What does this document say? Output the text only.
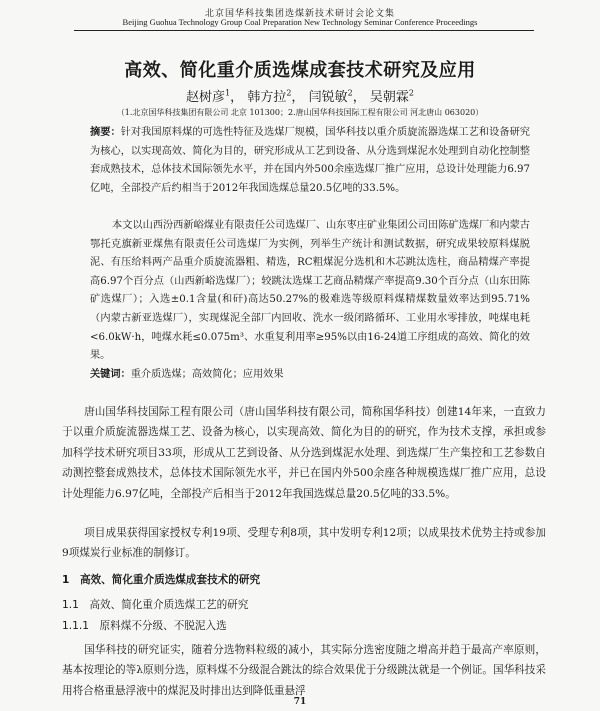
北京国华科技集团选煤新技术研讨会论文集
Beijing Guohua Technology Group Coal Preparation New Technology Seminar Conference Proceedings
高效、简化重介质选煤成套技术研究及应用
赵树彦$^1$， 韩方拉$^2$， 闫锐敏$^2$， 吴朝霖$^2$
（1.北京国华科技集团有限公司 北京 101300；2.唐山国华科技国际工程有限公司 河北唐山 063020）
摘要：针对我国原料煤的可选性特征及选煤厂规模，国华科技以重介质旋流器选煤工艺和设备研究为核心，以实现高效、简化为目的，研究形成从工艺到设备、从分选到煤泥水处理到自动化控制整套成熟技术，总体技术国际领先水平，并在国内外500余座选煤厂推广应用，总设计处理能力6.97亿吨，全部投产后约相当于2012年我国选煤总量20.5亿吨的33.5%。
本文以山西汾西新峪煤业有限责任公司选煤厂、山东枣庄矿业集团公司田陈矿选煤厂和内蒙古鄂托克旗新亚煤焦有限责任公司选煤厂为实例，列举生产统计和测试数据，研究成果较原料煤脱泥、有压给料两产品重介质旋流器粗、精选，RC粗煤泥分选机和木芯跳汰选柱，商品精煤产率提高6.97个百分点（山西新峪选煤厂）；较跳汰选煤工艺商品精煤产率提高9.30个百分点（山东田陈矿选煤厂）；入选±0.1含量(和矸)高达50.27%的极难选等级原料煤精煤数量效率达到95.71%（内蒙古新亚选煤厂），实现煤泥全部厂内回收、洗水一级闭路循环、工业用水零排放，吨煤电耗<6.0kW·h，吨煤水耗≤0.075m³、水重复利用率≥95%以由16-24道工序组成的高效、简化的效果。
关键词：重介质选煤；高效简化；应用效果
唐山国华科技国际工程有限公司（唐山国华科技有限公司，简称国华科技）创建14年来，一直致力于以重介质旋流器选煤工艺、设备为核心，以实现高效、简化为目的的研究，作为技术支撑，承担或参加科学技术研究项目33项，形成从工艺到设备、从分选到煤泥水处理、到选煤厂生产集控和工艺参数自动测控整套成熟技术，总体技术国际领先水平，并已在国内外500余座各种规模选煤厂推广应用，总设计处理能力6.97亿吨，全部投产后相当于2012年我国选煤总量20.5亿吨的33.5%。
项目成果获得国家授权专利19项、受理专利8项，其中发明专利12项；以成果技术优势主持或参加9项煤炭行业标准的制修订。
1　高效、简化重介质选煤成套技术的研究
1.1　高效、简化重介质选煤工艺的研究
1.1.1　原料煤不分级、不脱泥入选
国华科技的研究证实，随着分选物料粒级的减小，其实际分选密度随之增高并趋于最高产率原则，基本按理论的等λ原则分选，原料煤不分级混合跳汰的综合效果优于分级跳汰就是一个例证。国华科技采用将合格重悬浮液中的煤泥及时排出达到降低重悬浮
71
